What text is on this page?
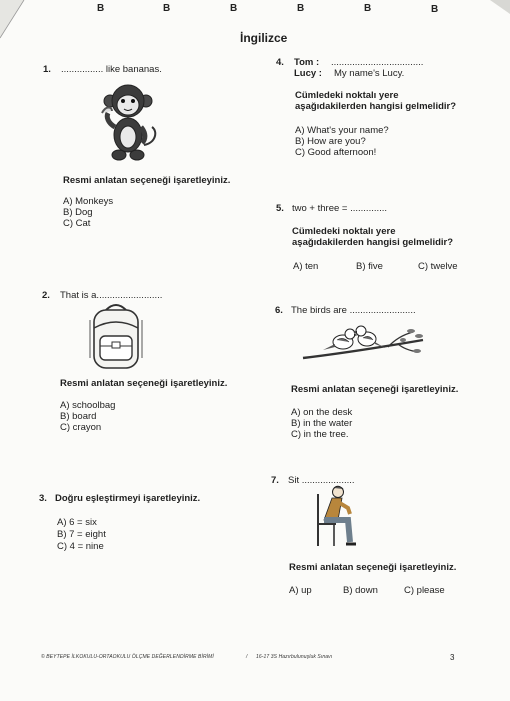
B	B	B	B	B	B
İngilizce
1. ................ like bananas.
Resmi anlatan seçeneği işaretleyiniz.
A) Monkeys
B) Dog
C) Cat
2. That is a.........................
Resmi anlatan seçeneği işaretleyiniz.
A) schoolbag
B) board
C) crayon
3. Doğru eşleştirmeyi işaretleyiniz.
A) 6 = six
B) 7 = eight
C) 4 = nine
4. Tom : ...................................
Lucy : My name's Lucy.
Cümledeki noktalı yere
aşağıdakilerden hangisi gelmelidir?
A) What's your name?
B) How are you?
C) Good afternoon!
5. two + three = ..............
Cümledeki noktalı yere
aşağıdakilerden hangisi gelmelidir?
A) ten	B) five	C) twelve
6. The birds are .........................
Resmi anlatan seçeneği işaretleyiniz.
A) on the desk
B) in the water
C) in the tree.
7. Sit ....................
Resmi anlatan seçeneği işaretleyiniz.
A) up	B) down	C) please
© BEYTEPE İLKOKULU-ORTAOKULU ÖLÇME DEĞERLENDİRME BİRİMİ	/ 16-17 3S Hazırbulunuşluk Sınavı	3
